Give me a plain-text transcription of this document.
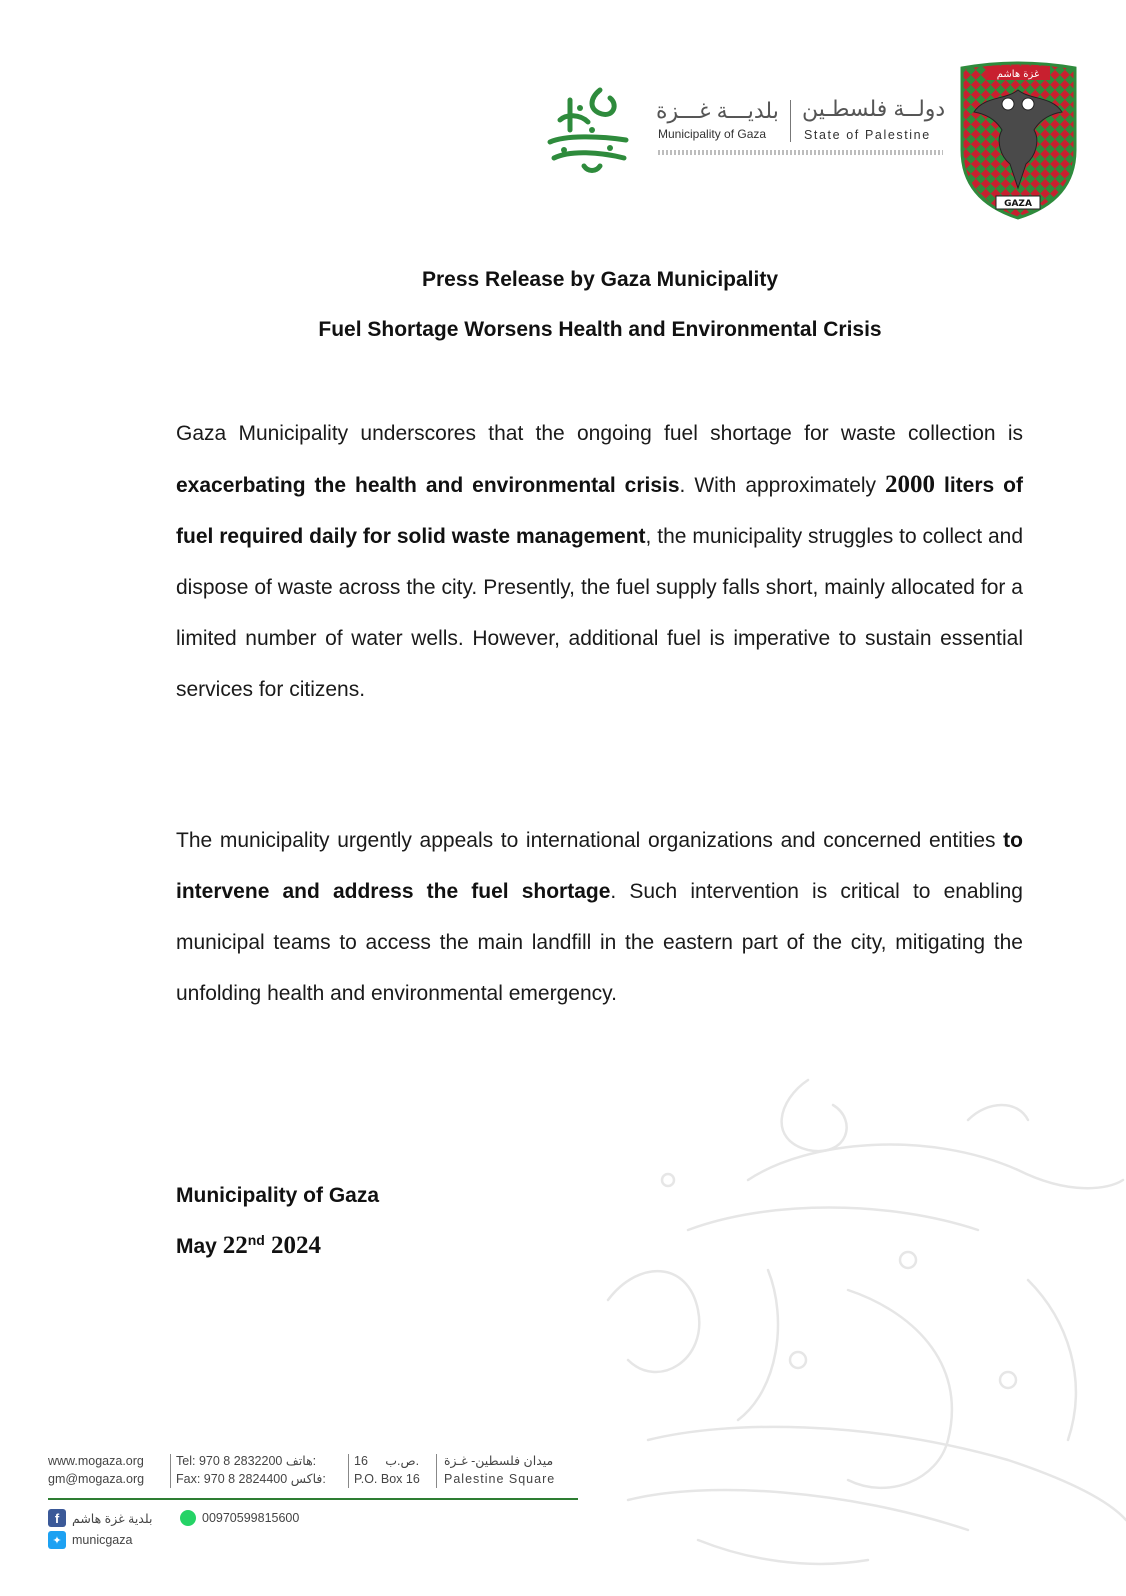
بلديـــة غـــزة
Municipality of Gaza
دولــة فلسطـين
State of Palestine
غزة هاشم
GAZA
Press Release by Gaza Municipality
Fuel Shortage Worsens Health and Environmental Crisis
Gaza Municipality underscores that the ongoing fuel shortage for waste collection is exacerbating the health and environmental crisis. With approximately 2000 liters of fuel required daily for solid waste management, the municipality struggles to collect and dispose of waste across the city. Presently, the fuel supply falls short, mainly allocated for a limited number of water wells. However, additional fuel is imperative to sustain essential services for citizens.
The municipality urgently appeals to international organizations and concerned entities to intervene and address the fuel shortage. Such intervention is critical to enabling municipal teams to access the main landfill in the eastern part of the city, mitigating the unfolding health and environmental emergency.
Municipality of Gaza
May 22nd 2024
www.mogaza.org
gm@mogaza.org
Tel: 970 8 2832200 هاتف:
Fax: 970 8 2824400 فاكس:
16 ص.ب.
P.O. Box 16
ميدان فلسطين- غـزة
Palestine Square
f	بلدية غزة هاشم	00970599815600
✦ municgaza
